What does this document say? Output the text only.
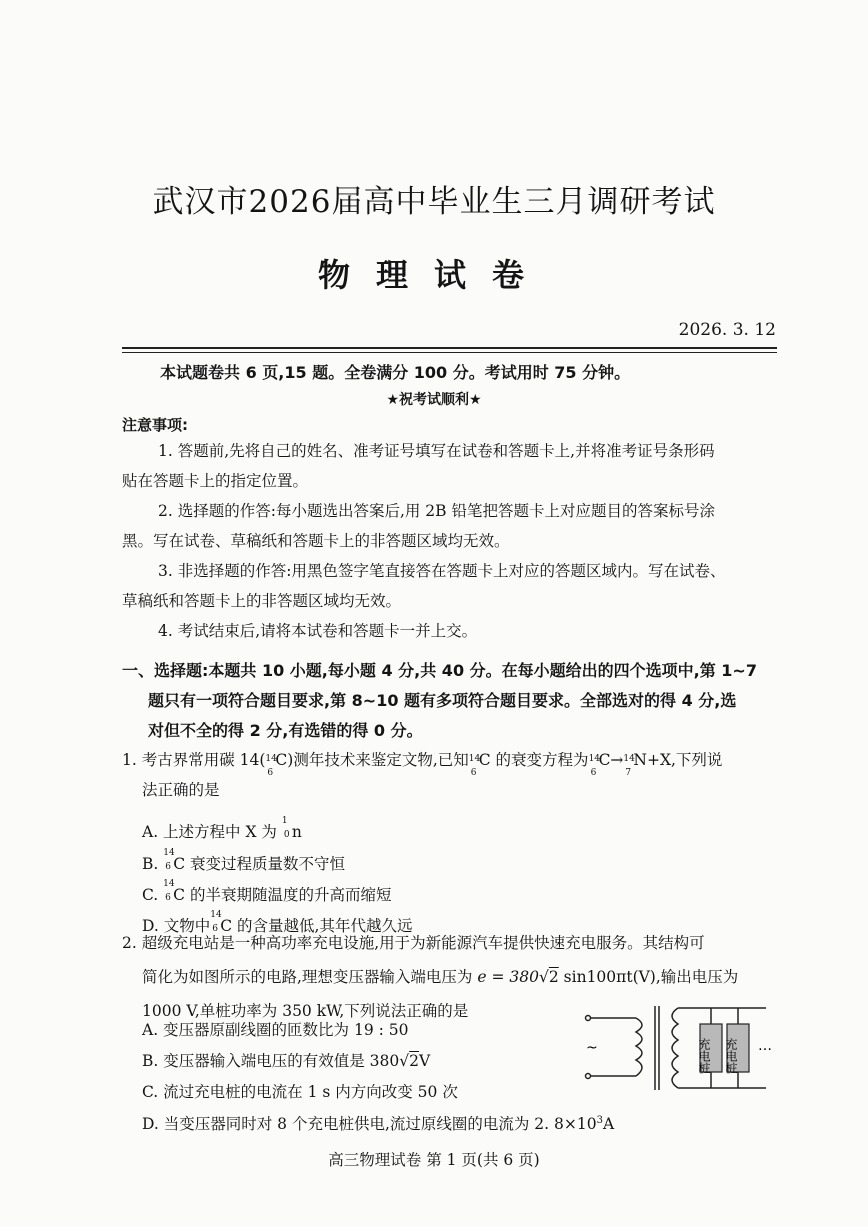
武汉市2026届高中毕业生三月调研考试
物理试卷
2026. 3. 12
本试题卷共 6 页,15 题。全卷满分 100 分。考试用时 75 分钟。
★祝考试顺利★
注意事项:
1. 答题前,先将自己的姓名、准考证号填写在试卷和答题卡上,并将准考证号条形码
贴在答题卡上的指定位置。
2. 选择题的作答:每小题选出答案后,用 2B 铅笔把答题卡上对应题目的答案标号涂
黑。写在试卷、草稿纸和答题卡上的非答题区域均无效。
3. 非选择题的作答:用黑色签字笔直接答在答题卡上对应的答题区域内。写在试卷、
草稿纸和答题卡上的非答题区域均无效。
4. 考试结束后,请将本试卷和答题卡一并上交。
一、选择题:本题共 10 小题,每小题 4 分,共 40 分。在每小题给出的四个选项中,第 1~7
题只有一项符合题目要求,第 8~10 题有多项符合题目要求。全部选对的得 4 分,选
对但不全的得 2 分,有选错的得 0 分。
1. 考古界常用碳 14( 14
6
C)测年技术来鉴定文物,已知 14
6
C 的衰变方程为 14
6
C→ 14
7
N+X,下列说
法正确的是
A. 上述方程中 X 为
1
0 n
B.
14
6 C 衰变过程质量数不守恒
C.
14
6 C 的半衰期随温度的升高而缩短
D. 文物中
14
6 C 的含量越低,其年代越久远
2. 超级充电站是一种高功率充电设施,用于为新能源汽车提供快速充电服务。其结构可
简化为如图所示的电路,理想变压器输入端电压为 e = 380√2 sin100πt(V),输出电压为
1000 V,单桩功率为 350 kW,下列说法正确的是
A. 变压器原副线圈的匝数比为 19 : 50
B. 变压器输入端电压的有效值是 380√2V
C. 流过充电桩的电流在 1 s 内方向改变 50 次
D. 当变压器同时对 8 个充电桩供电,流过原线圈的电流为 2. $8\times 10^3A$
~	充电桩 充电桩 …
高三物理试卷 第 1 页(共 6 页)
